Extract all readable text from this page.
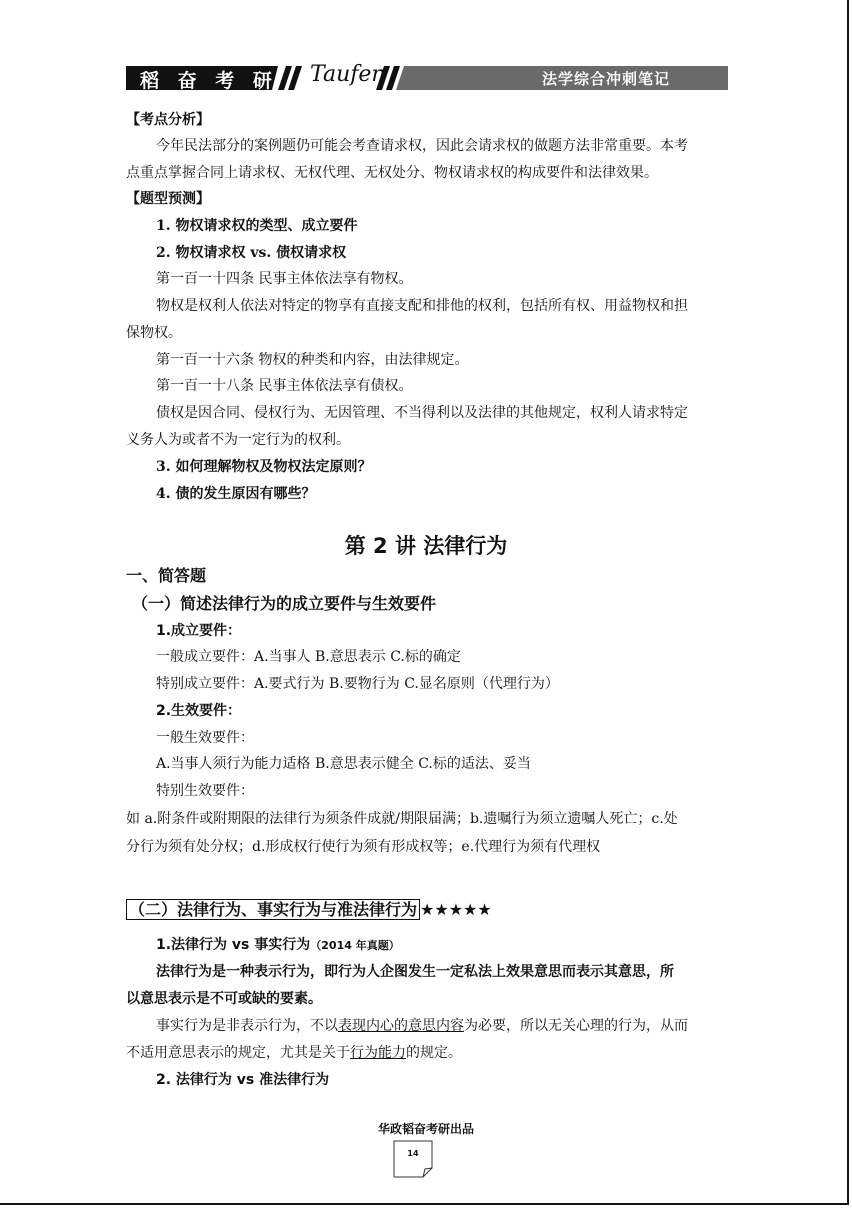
稻 奋 考 研 Taufen	法学综合冲刺笔记
【考点分析】
今年民法部分的案例题仍可能会考查请求权，因此会请求权的做题方法非常重要。本考
点重点掌握合同上请求权、无权代理、无权处分、物权请求权的构成要件和法律效果。
【题型预测】
1. 物权请求权的类型、成立要件
2. 物权请求权 vs. 债权请求权
第一百一十四条 民事主体依法享有物权。
物权是权利人依法对特定的物享有直接支配和排他的权利，包括所有权、用益物权和担
保物权。
第一百一十六条 物权的种类和内容，由法律规定。
第一百一十八条 民事主体依法享有债权。
债权是因合同、侵权行为、无因管理、不当得利以及法律的其他规定，权利人请求特定
义务人为或者不为一定行为的权利。
3. 如何理解物权及物权法定原则？
4. 债的发生原因有哪些？
第 2 讲 法律行为
一、简答题
（一）简述法律行为的成立要件与生效要件
1.成立要件：
一般成立要件：A.当事人 B.意思表示 C.标的确定
特别成立要件：A.要式行为 B.要物行为 C.显名原则（代理行为）
2.生效要件：
一般生效要件：
A.当事人须行为能力适格 B.意思表示健全 C.标的适法、妥当
特别生效要件：
如 a.附条件或附期限的法律行为须条件成就/期限届满；b.遗嘱行为须立遗嘱人死亡；c.处
分行为须有处分权；d.形成权行使行为须有形成权等；e.代理行为须有代理权
（二）法律行为、事实行为与准法律行为 ★★★★★
1.法律行为 vs 事实行为（2014 年真题）
法律行为是一种表示行为，即行为人企图发生一定私法上效果意思而表示其意思，所
以意思表示是不可或缺的要素。
事实行为是非表示行为，不以表现内心的意思内容为必要，所以无关心理的行为，从而
不适用意思表示的规定，尤其是关于行为能力的规定。
2. 法律行为 vs 准法律行为
华政韬奋考研出品
14
